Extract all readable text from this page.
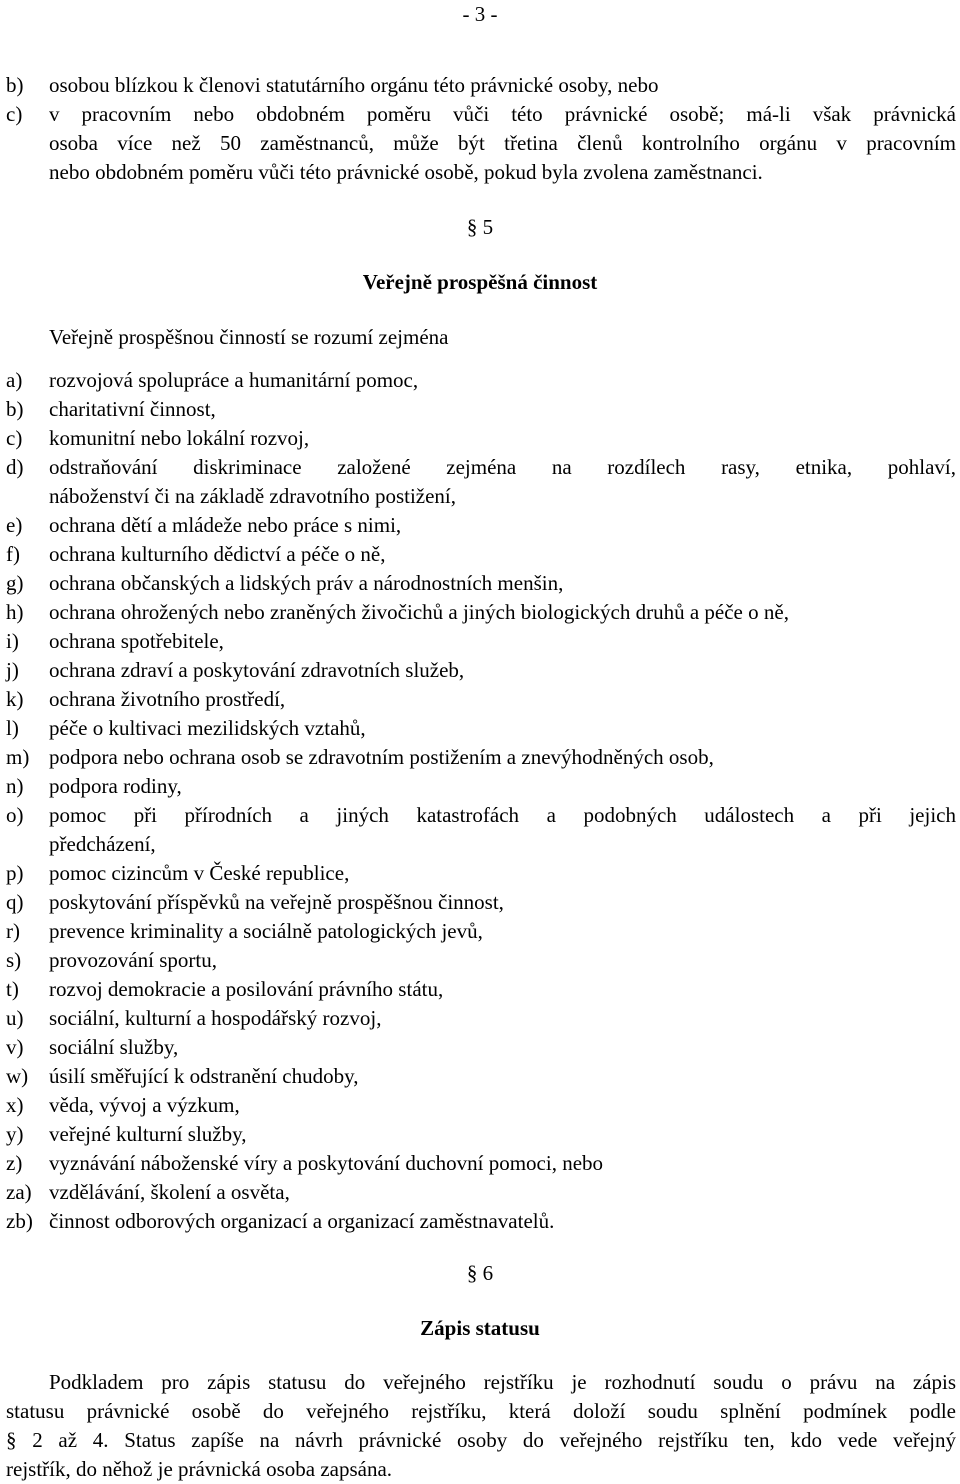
- 3 -
b) osobou blízkou k členovi statutárního orgánu této právnické osoby, nebo
c) v pracovním nebo obdobném poměru vůči této právnické osobě; má-li však právnická
osoba více než 50 zaměstnanců, může být třetina členů kontrolního orgánu v pracovním
nebo obdobném poměru vůči této právnické osobě, pokud byla zvolena zaměstnanci.
§ 5
Veřejně prospěšná činnost
Veřejně prospěšnou činností se rozumí zejména
a) rozvojová spolupráce a humanitární pomoc,
b) charitativní činnost,
c) komunitní nebo lokální rozvoj,
d) odstraňování diskriminace založené zejména na rozdílech rasy, etnika, pohlaví,
náboženství či na základě zdravotního postižení,
e) ochrana dětí a mládeže nebo práce s nimi,
f) ochrana kulturního dědictví a péče o ně,
g) ochrana občanských a lidských práv a národnostních menšin,
h) ochrana ohrožených nebo zraněných živočichů a jiných biologických druhů a péče o ně,
i) ochrana spotřebitele,
j) ochrana zdraví a poskytování zdravotních služeb,
k) ochrana životního prostředí,
l) péče o kultivaci mezilidských vztahů,
m) podpora nebo ochrana osob se zdravotním postižením a znevýhodněných osob,
n) podpora rodiny,
o) pomoc při přírodních a jiných katastrofách a podobných událostech a při jejich
předcházení,
p) pomoc cizincům v České republice,
q) poskytování příspěvků na veřejně prospěšnou činnost,
r) prevence kriminality a sociálně patologických jevů,
s) provozování sportu,
t) rozvoj demokracie a posilování právního státu,
u) sociální, kulturní a hospodářský rozvoj,
v) sociální služby,
w) úsilí směřující k odstranění chudoby,
x) věda, vývoj a výzkum,
y) veřejné kulturní služby,
z) vyznávání náboženské víry a poskytování duchovní pomoci, nebo
za) vzdělávání, školení a osvěta,
zb) činnost odborových organizací a organizací zaměstnavatelů.
§ 6
Zápis statusu
Podkladem pro zápis statusu do veřejného rejstříku je rozhodnutí soudu o právu na zápis
statusu právnické osobě do veřejného rejstříku, která doloží soudu splnění podmínek podle
§ 2 až 4. Status zapíše na návrh právnické osoby do veřejného rejstříku ten, kdo vede veřejný
rejstřík, do něhož je právnická osoba zapsána.
